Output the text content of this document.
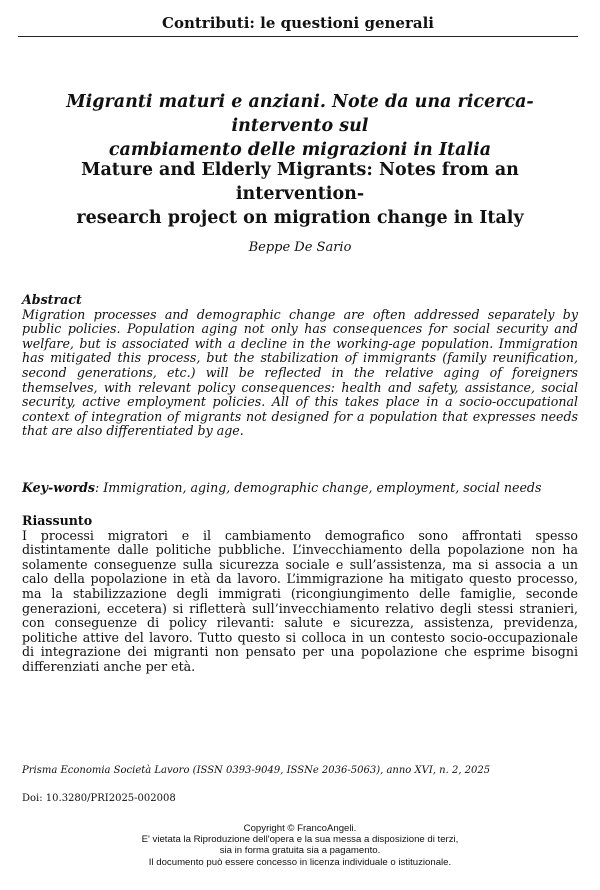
Contributi: le questioni generali
Migranti maturi e anziani. Note da una ricerca-intervento sul
cambiamento delle migrazioni in Italia
Mature and Elderly Migrants: Notes from an intervention-
research project on migration change in Italy
Beppe De Sario
Abstract
Migration processes and demographic change are often addressed separately by public policies. Population aging not only has consequences for social security and welfare, but is associated with a decline in the working-age population. Immigration has mitigated this process, but the stabilization of immigrants (family reunification, second generations, etc.) will be reflected in the relative aging of foreigners themselves, with relevant policy consequences: health and safety, assistance, social security, active employment policies. All of this takes place in a socio-occupational context of integration of migrants not designed for a population that expresses needs that are also differentiated by age.
Key-words: Immigration, aging, demographic change, employment, social needs
Riassunto
I processi migratori e il cambiamento demografico sono affrontati spesso distintamente dalle politiche pubbliche. L’invecchiamento della popolazione non ha solamente conseguenze sulla sicurezza sociale e sull’assistenza, ma si associa a un calo della popolazione in età da lavoro. L’immigrazione ha mitigato questo processo, ma la stabilizzazione degli immigrati (ricongiungimento delle famiglie, seconde generazioni, eccetera) si rifletterà sull’invecchiamento relativo degli stessi stranieri, con conseguenze di policy rilevanti: salute e sicurezza, assistenza, previdenza, politiche attive del lavoro. Tutto questo si colloca in un contesto socio-occupazionale di integrazione dei migranti non pensato per una popolazione che esprime bisogni differenziati anche per età.
Prisma Economia Società Lavoro (ISSN 0393-9049, ISSNe 2036-5063), anno XVI, n. 2, 2025
Doi: 10.3280/PRI2025-002008
Copyright © FrancoAngeli.
E' vietata la Riproduzione dell'opera e la sua messa a disposizione di terzi,
sia in forma gratuita sia a pagamento.
Il documento può essere concesso in licenza individuale o istituzionale.
